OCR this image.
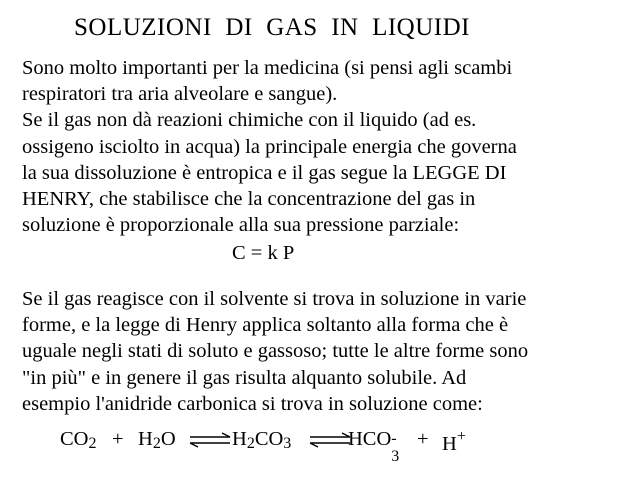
SOLUZIONI  DI  GAS  IN  LIQUIDI
Sono molto importanti per la medicina (si pensi agli scambi
respiratori tra aria alveolare e sangue).
Se il gas non dà reazioni chimiche con il liquido (ad es.
ossigeno isciolto in acqua) la principale energia che governa
la sua dissoluzione è entropica e il gas segue la LEGGE DI
HENRY, che stabilisce che la concentrazione del gas in
soluzione è proporzionale alla sua pressione parziale:
C = k P
Se il gas reagisce con il solvente si trova in soluzione in varie
forme, e la legge di Henry applica soltanto alla forma che è
uguale negli stati di soluto e gassoso; tutte le altre forme sono
"in più" e in genere il gas risulta alquanto solubile. Ad
esempio l'anidride carbonica si trova in soluzione come:
$CO_2 + H_2O$ ⇌ $H_2CO_3$ ⇌
HCO -
3
+ H+
